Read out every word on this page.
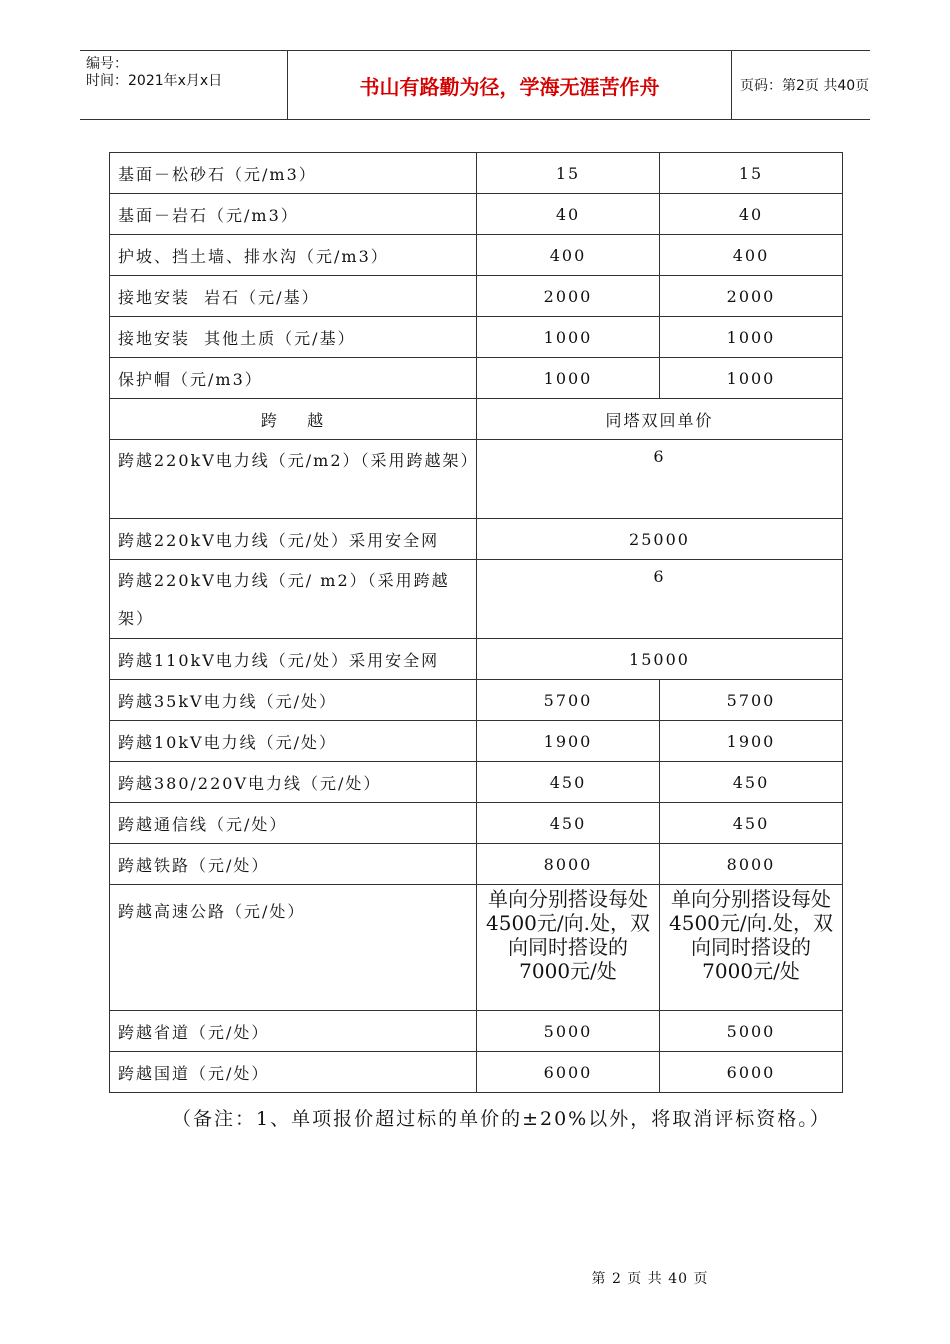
编号：
时间：2021年x月x日	书山有路勤为径，学海无涯苦作舟	页码：第2页 共40页
基面－松砂石（元/m3）	15	15
基面－岩石（元/m3）	40	40
护坡、挡土墙、排水沟（元/m3）	400	400
接地安装  岩石（元/基）	2000	2000
接地安装  其他土质（元/基）	1000	1000
保护帽（元/m3）	1000	1000
跨    越	同塔双回单价	
跨越220kV电力线（元/m2）（采用跨越架）	6	
跨越220kV电力线（元/处）采用安全网	25000	
跨越220kV电力线（元/ m2）（采用跨越架）	6	
跨越110kV电力线（元/处）采用安全网	15000	
跨越35kV电力线（元/处）	5700	5700
跨越10kV电力线（元/处）	1900	1900
跨越380/220V电力线（元/处）	450	450
跨越通信线（元/处）	450	450
跨越铁路（元/处）	8000	8000
跨越高速公路（元/处）	单向分别搭设每处4500元/向.处，双向同时搭设的7000元/处	单向分别搭设每处4500元/向.处，双向同时搭设的7000元/处
跨越省道（元/处）	5000	5000
跨越国道（元/处）	6000	6000
（备注：1、单项报价超过标的单价的±20%以外，将取消评标资格。）
第 2 页 共 40 页
